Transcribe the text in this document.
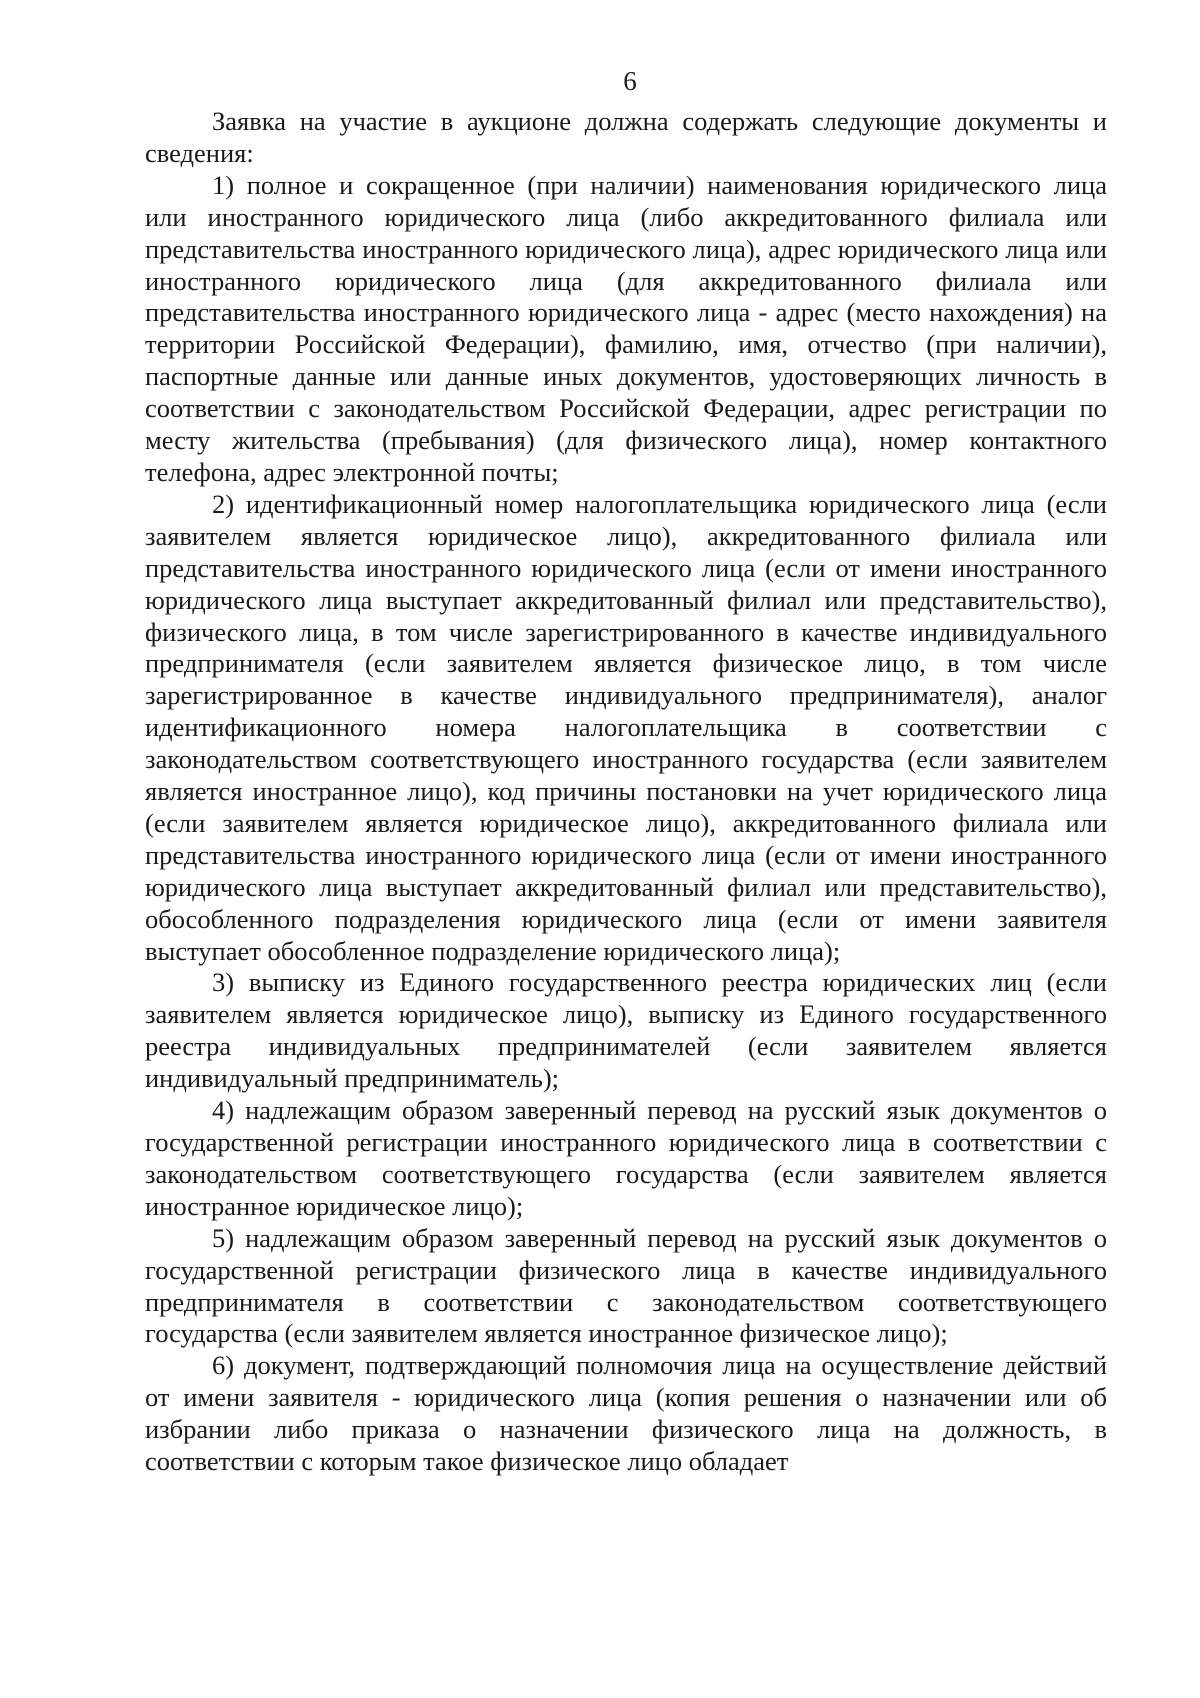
6

Заявка на участие в аукционе должна содержать следующие документы и сведения:

1) полное и сокращенное (при наличии) наименования юридического лица или иностранного юридического лица (либо аккредитованного филиала или представительства иностранного юридического лица), адрес юридического лица или иностранного юридического лица (для аккредитованного филиала или представительства иностранного юридического лица - адрес (место нахождения) на территории Российской Федерации), фамилию, имя, отчество (при наличии), паспортные данные или данные иных документов, удостоверяющих личность в соответствии с законодательством Российской Федерации, адрес регистрации по месту жительства (пребывания) (для физического лица), номер контактного телефона, адрес электронной почты;

2) идентификационный номер налогоплательщика юридического лица (если заявителем является юридическое лицо), аккредитованного филиала или представительства иностранного юридического лица (если от имени иностранного юридического лица выступает аккредитованный филиал или представительство), физического лица, в том числе зарегистрированного в качестве индивидуального предпринимателя (если заявителем является физическое лицо, в том числе зарегистрированное в качестве индивидуального предпринимателя), аналог идентификационного номера налогоплательщика в соответствии с законодательством соответствующего иностранного государства (если заявителем является иностранное лицо), код причины постановки на учет юридического лица (если заявителем является юридическое лицо), аккредитованного филиала или представительства иностранного юридического лица (если от имени иностранного юридического лица выступает аккредитованный филиал или представительство), обособленного подразделения юридического лица (если от имени заявителя выступает обособленное подразделение юридического лица);

3) выписку из Единого государственного реестра юридических лиц (если заявителем является юридическое лицо), выписку из Единого государственного реестра индивидуальных предпринимателей (если заявителем является индивидуальный предприниматель);

4) надлежащим образом заверенный перевод на русский язык документов о государственной регистрации иностранного юридического лица в соответствии с законодательством соответствующего государства (если заявителем является иностранное юридическое лицо);

5) надлежащим образом заверенный перевод на русский язык документов о государственной регистрации физического лица в качестве индивидуального предпринимателя в соответствии с законодательством соответствующего государства (если заявителем является иностранное физическое лицо);

6) документ, подтверждающий полномочия лица на осуществление действий от имени заявителя - юридического лица (копия решения о назначении или об избрании либо приказа о назначении физического лица на должность, в соответствии с которым такое физическое лицо обладает
